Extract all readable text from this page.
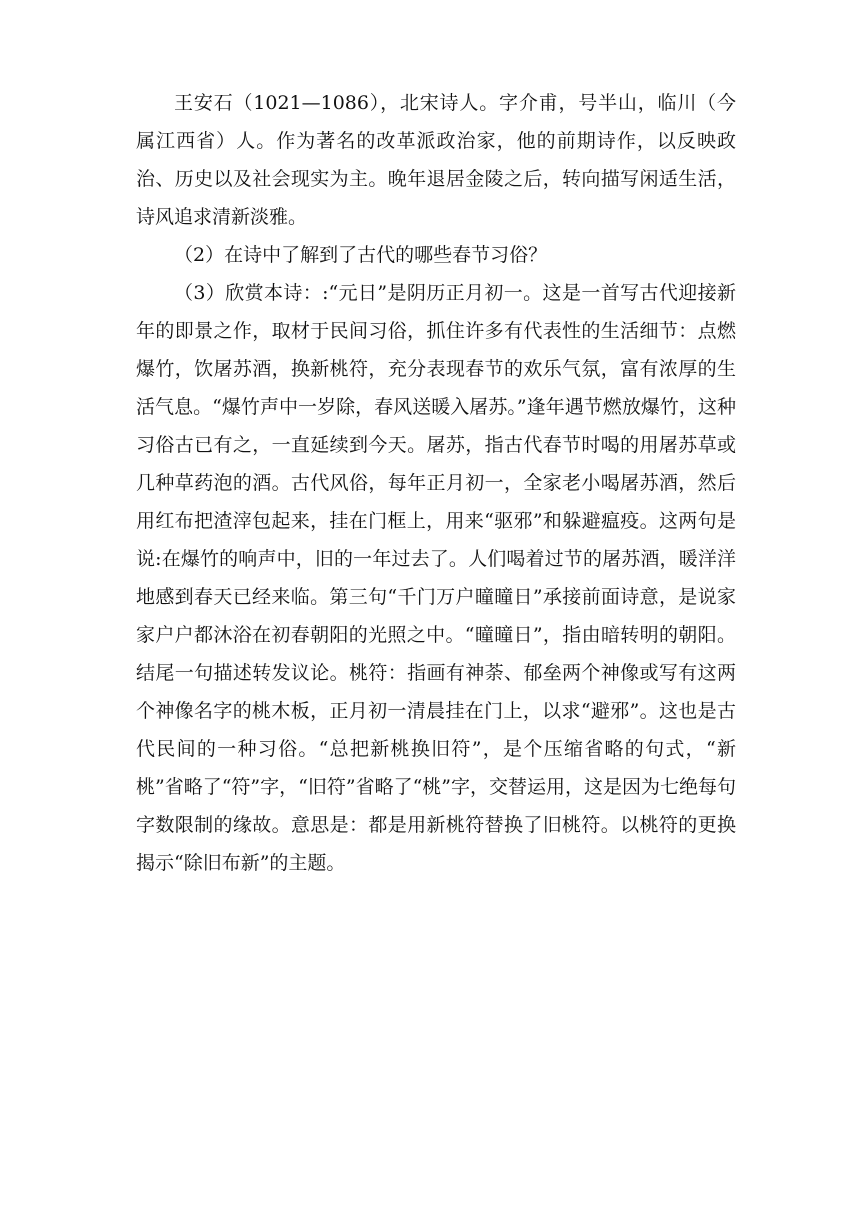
王安石（1021—1086），北宋诗人。字介甫，号半山，临川（今属江西省）人。作为著名的改革派政治家，他的前期诗作，以反映政治、历史以及社会现实为主。晚年退居金陵之后，转向描写闲适生活，诗风追求清新淡雅。

（2）在诗中了解到了古代的哪些春节习俗？

（3）欣赏本诗：:“元日”是阴历正月初一。这是一首写古代迎接新年的即景之作，取材于民间习俗，抓住许多有代表性的生活细节：点燃爆竹，饮屠苏酒，换新桃符，充分表现春节的欢乐气氛，富有浓厚的生活气息。“爆竹声中一岁除，春风送暖入屠苏。”逢年遇节燃放爆竹，这种习俗古已有之，一直延续到今天。屠苏，指古代春节时喝的用屠苏草或几种草药泡的酒。古代风俗，每年正月初一，全家老小喝屠苏酒，然后用红布把渣滓包起来，挂在门框上，用来“驱邪”和躲避瘟疫。这两句是说:在爆竹的响声中，旧的一年过去了。人们喝着过节的屠苏酒，暖洋洋地感到春天已经来临。第三句“千门万户曈曈日”承接前面诗意，是说家家户户都沐浴在初春朝阳的光照之中。“曈曈日”，指由暗转明的朝阳。结尾一句描述转发议论。桃符：指画有神荼、郁垒两个神像或写有这两个神像名字的桃木板，正月初一清晨挂在门上，以求“避邪”。这也是古代民间的一种习俗。“总把新桃换旧符”，是个压缩省略的句式，“新桃”省略了“符”字，“旧符”省略了“桃”字，交替运用，这是因为七绝每句字数限制的缘故。意思是：都是用新桃符替换了旧桃符。以桃符的更换揭示“除旧布新”的主题。
